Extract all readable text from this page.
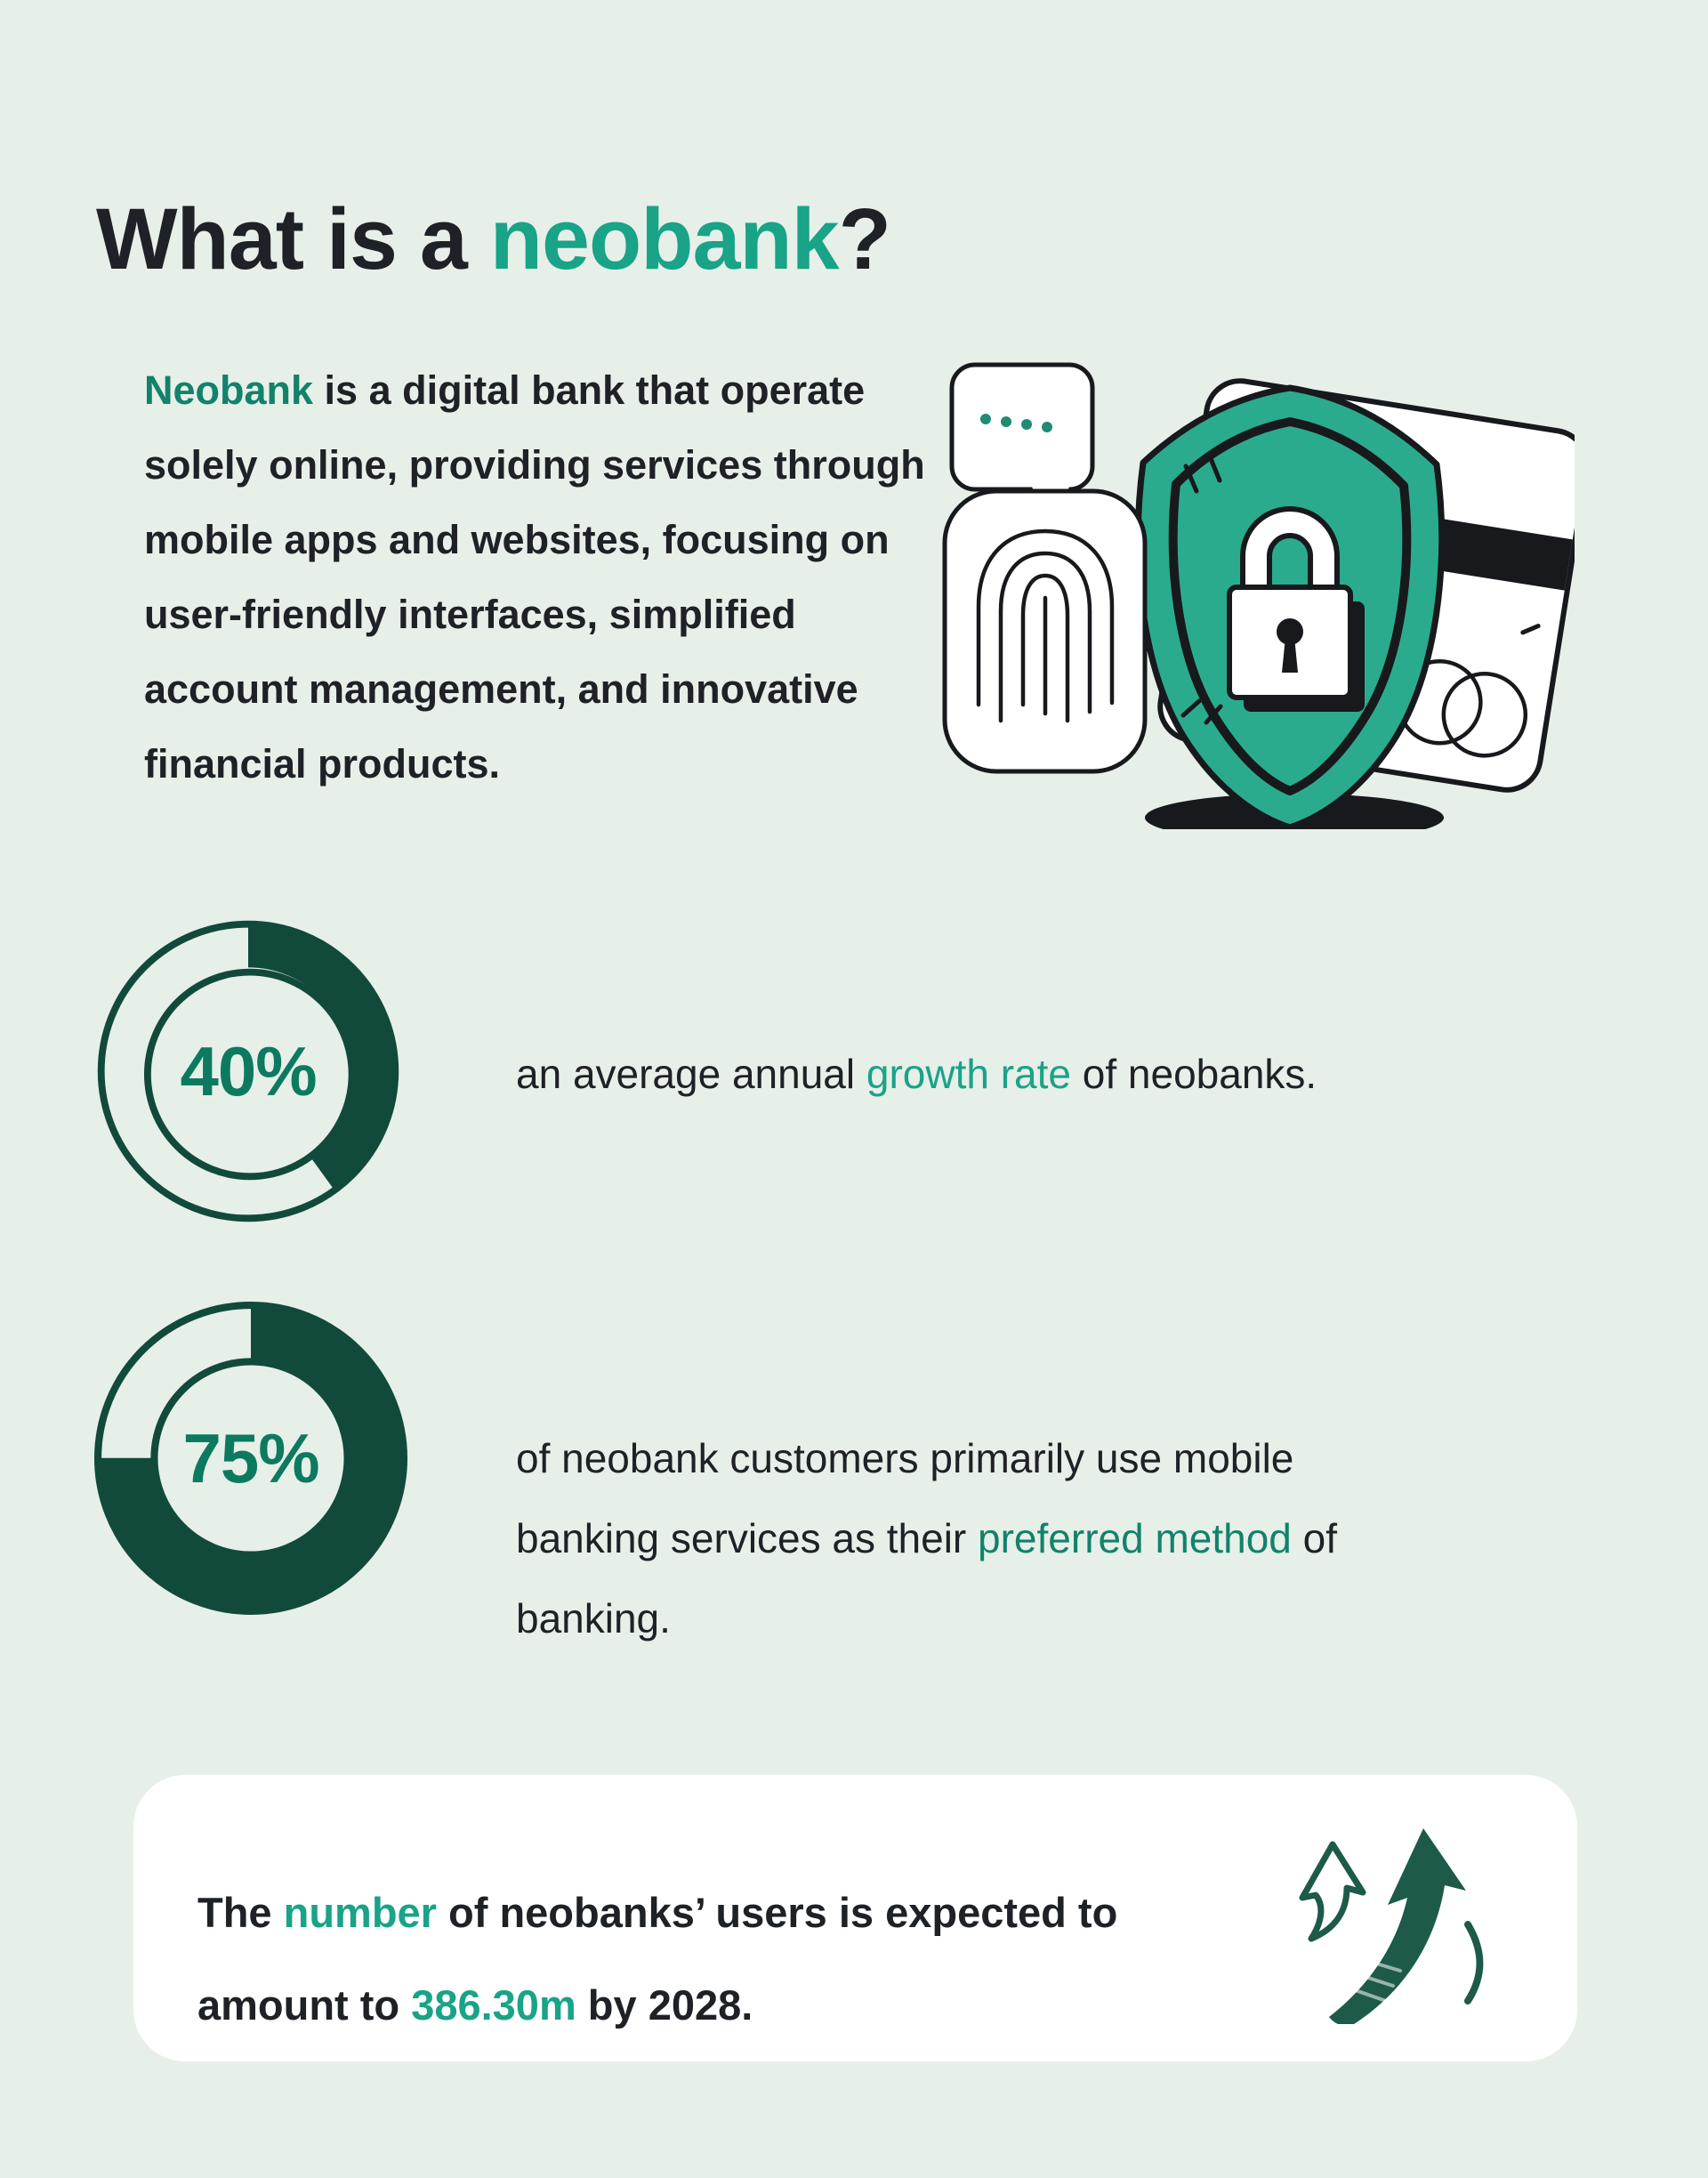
What is a neobank?

Neobank is a digital bank that operate solely online, providing services through mobile apps and websites, focusing on user-friendly interfaces, simplified account management, and innovative financial products.

40%	an average annual growth rate of neobanks.

75%	of neobank customers primarily use mobile banking services as their preferred method of banking.

The number of neobanks’ users is expected to amount to 386.30m by 2028.
